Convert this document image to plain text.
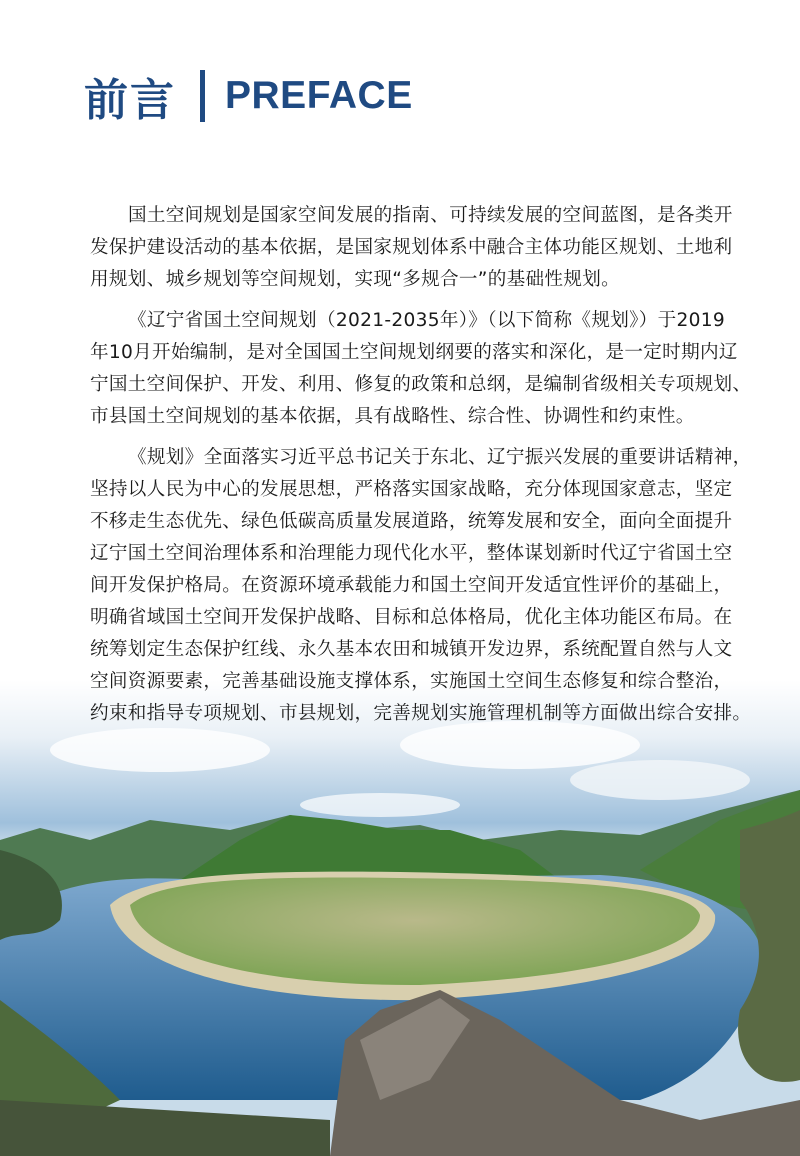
前言 PREFACE
国土空间规划是国家空间发展的指南、可持续发展的空间蓝图，是各类开
发保护建设活动的基本依据，是国家规划体系中融合主体功能区规划、土地利
用规划、城乡规划等空间规划，实现“多规合一”的基础性规划。
《辽宁省国土空间规划（2021-2035年）》（以下简称《规划》）于2019
年10月开始编制，是对全国国土空间规划纲要的落实和深化，是一定时期内辽
宁国土空间保护、开发、利用、修复的政策和总纲，是编制省级相关专项规划、
市县国土空间规划的基本依据，具有战略性、综合性、协调性和约束性。
《规划》全面落实习近平总书记关于东北、辽宁振兴发展的重要讲话精神，
坚持以人民为中心的发展思想，严格落实国家战略，充分体现国家意志，坚定
不移走生态优先、绿色低碳高质量发展道路，统筹发展和安全，面向全面提升
辽宁国土空间治理体系和治理能力现代化水平，整体谋划新时代辽宁省国土空
间开发保护格局。在资源环境承载能力和国土空间开发适宜性评价的基础上，
明确省域国土空间开发保护战略、目标和总体格局，优化主体功能区布局。在
统筹划定生态保护红线、永久基本农田和城镇开发边界，系统配置自然与人文
空间资源要素，完善基础设施支撑体系，实施国土空间生态修复和综合整治，
约束和指导专项规划、市县规划，完善规划实施管理机制等方面做出综合安排。
